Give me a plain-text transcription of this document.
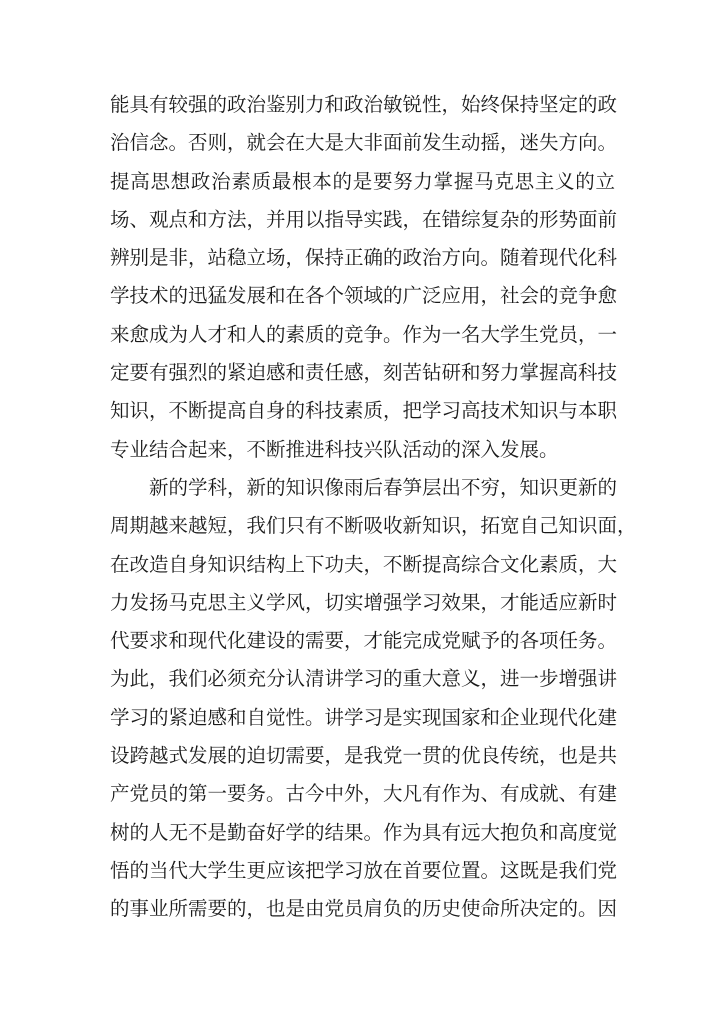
能具有较强的政治鉴别力和政治敏锐性，始终保持坚定的政
治信念。否则，就会在大是大非面前发生动摇，迷失方向。
提高思想政治素质最根本的是要努力掌握马克思主义的立
场、观点和方法，并用以指导实践，在错综复杂的形势面前
辨别是非，站稳立场，保持正确的政治方向。随着现代化科
学技术的迅猛发展和在各个领域的广泛应用，社会的竞争愈
来愈成为人才和人的素质的竞争。作为一名大学生党员，一
定要有强烈的紧迫感和责任感，刻苦钻研和努力掌握高科技
知识，不断提高自身的科技素质，把学习高技术知识与本职
专业结合起来，不断推进科技兴队活动的深入发展。
新的学科，新的知识像雨后春笋层出不穷，知识更新的
周期越来越短，我们只有不断吸收新知识，拓宽自己知识面，
在改造自身知识结构上下功夫，不断提高综合文化素质，大
力发扬马克思主义学风，切实增强学习效果，才能适应新时
代要求和现代化建设的需要，才能完成党赋予的各项任务。
为此，我们必须充分认清讲学习的重大意义，进一步增强讲
学习的紧迫感和自觉性。讲学习是实现国家和企业现代化建
设跨越式发展的迫切需要，是我党一贯的优良传统，也是共
产党员的第一要务。古今中外，大凡有作为、有成就、有建
树的人无不是勤奋好学的结果。作为具有远大抱负和高度觉
悟的当代大学生更应该把学习放在首要位置。这既是我们党
的事业所需要的，也是由党员肩负的历史使命所决定的。因
